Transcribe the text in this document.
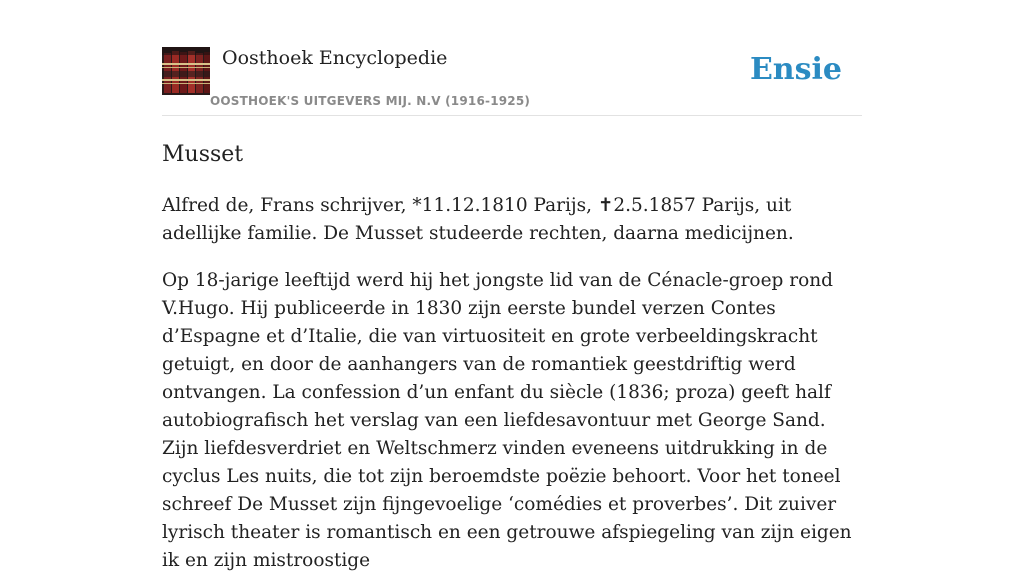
Oosthoek Encyclopedie
OOSTHOEK'S UITGEVERS MIJ. N.V (1916-1925)
Ensie
Musset

Alfred de, Frans schrijver, *11.12.1810 Parijs, ✝2.5.1857 Parijs, uit adellijke familie. De Musset studeerde rechten, daarna medicijnen.

Op 18-jarige leeftijd werd hij het jongste lid van de Cénacle-groep rond V.Hugo. Hij publiceerde in 1830 zijn eerste bundel verzen Contes d’Espagne et d’Italie, die van virtuositeit en grote verbeeldingskracht getuigt, en door de aanhangers van de romantiek geestdriftig werd ontvangen. La confession d’un enfant du siècle (1836; proza) geeft half autobiografisch het verslag van een liefdesavontuur met George Sand. Zijn liefdesverdriet en Weltschmerz vinden eveneens uitdrukking in de cyclus Les nuits, die tot zijn beroemdste poëzie behoort. Voor het toneel schreef De Musset zijn fijngevoelige ‘comédies et proverbes’. Dit zuiver lyrisch theater is romantisch en een getrouwe afspiegeling van zijn eigen ik en zijn mistroostige
